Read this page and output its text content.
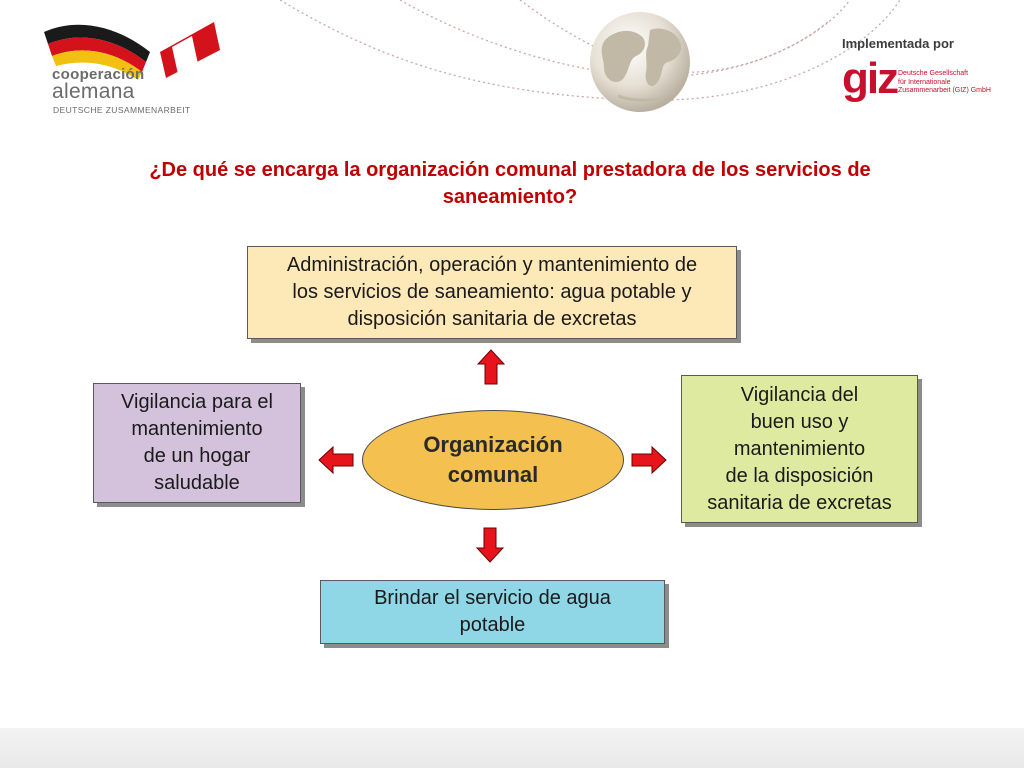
cooperación
alemana
DEUTSCHE ZUSAMMENARBEIT
Implementada por
giz Deutsche Gesellschaft
für Internationale
Zusammenarbeit (GIZ) GmbH
¿De qué se encarga la organización comunal prestadora de los servicios de
saneamiento?
Administración, operación y mantenimiento de
los servicios de saneamiento: agua potable y
disposición sanitaria de excretas
Vigilancia para el
mantenimiento
de un hogar
saludable
Vigilancia del
buen uso y
mantenimiento
de la disposición
sanitaria de excretas
Brindar el servicio de agua
potable
Organización
comunal
